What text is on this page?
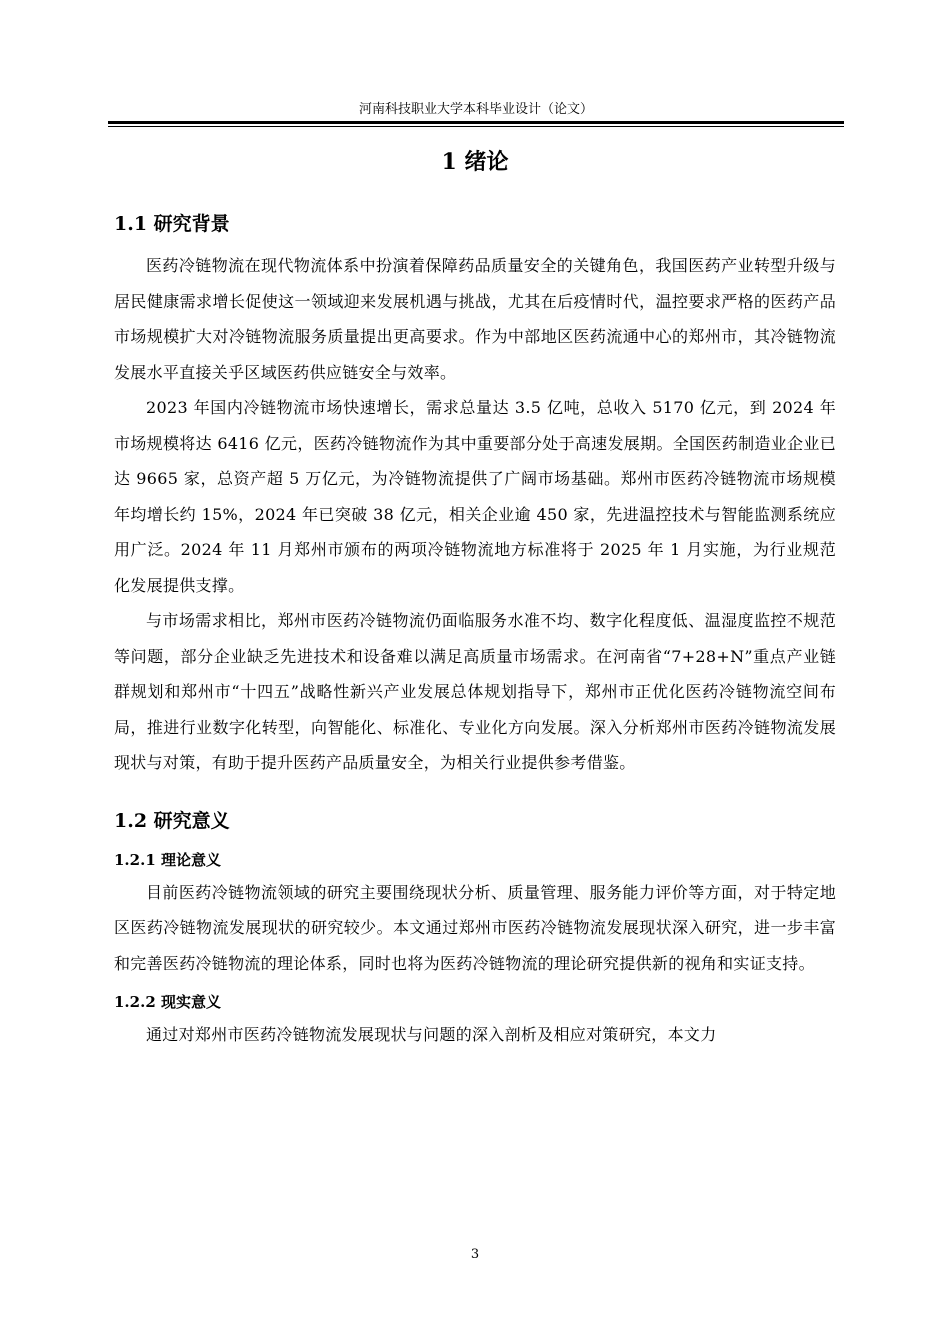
河南科技职业大学本科毕业设计（论文）
1 绪论
1.1 研究背景

医药冷链物流在现代物流体系中扮演着保障药品质量安全的关键角色，我国医药产业转型升级与居民健康需求增长促使这一领域迎来发展机遇与挑战，尤其在后疫情时代，温控要求严格的医药产品市场规模扩大对冷链物流服务质量提出更高要求。作为中部地区医药流通中心的郑州市，其冷链物流发展水平直接关乎区域医药供应链安全与效率。

2023 年国内冷链物流市场快速增长，需求总量达 3.5 亿吨，总收入 5170 亿元，到 2024 年市场规模将达 6416 亿元，医药冷链物流作为其中重要部分处于高速发展期。全国医药制造业企业已达 9665 家，总资产超 5 万亿元，为冷链物流提供了广阔市场基础。郑州市医药冷链物流市场规模年均增长约 15%，2024 年已突破 38 亿元，相关企业逾 450 家，先进温控技术与智能监测系统应用广泛。2024 年 11 月郑州市颁布的两项冷链物流地方标准将于 2025 年 1 月实施，为行业规范化发展提供支撑。

与市场需求相比，郑州市医药冷链物流仍面临服务水准不均、数字化程度低、温湿度监控不规范等问题，部分企业缺乏先进技术和设备难以满足高质量市场需求。在河南省“7+28+N”重点产业链群规划和郑州市“十四五”战略性新兴产业发展总体规划指导下，郑州市正优化医药冷链物流空间布局，推进行业数字化转型，向智能化、标准化、专业化方向发展。深入分析郑州市医药冷链物流发展现状与对策，有助于提升医药产品质量安全，为相关行业提供参考借鉴。

1.2 研究意义
1.2.1 理论意义

目前医药冷链物流领域的研究主要围绕现状分析、质量管理、服务能力评价等方面，对于特定地区医药冷链物流发展现状的研究较少。本文通过郑州市医药冷链物流发展现状深入研究，进一步丰富和完善医药冷链物流的理论体系，同时也将为医药冷链物流的理论研究提供新的视角和实证支持。

1.2.2 现实意义

通过对郑州市医药冷链物流发展现状与问题的深入剖析及相应对策研究，本文力

3
